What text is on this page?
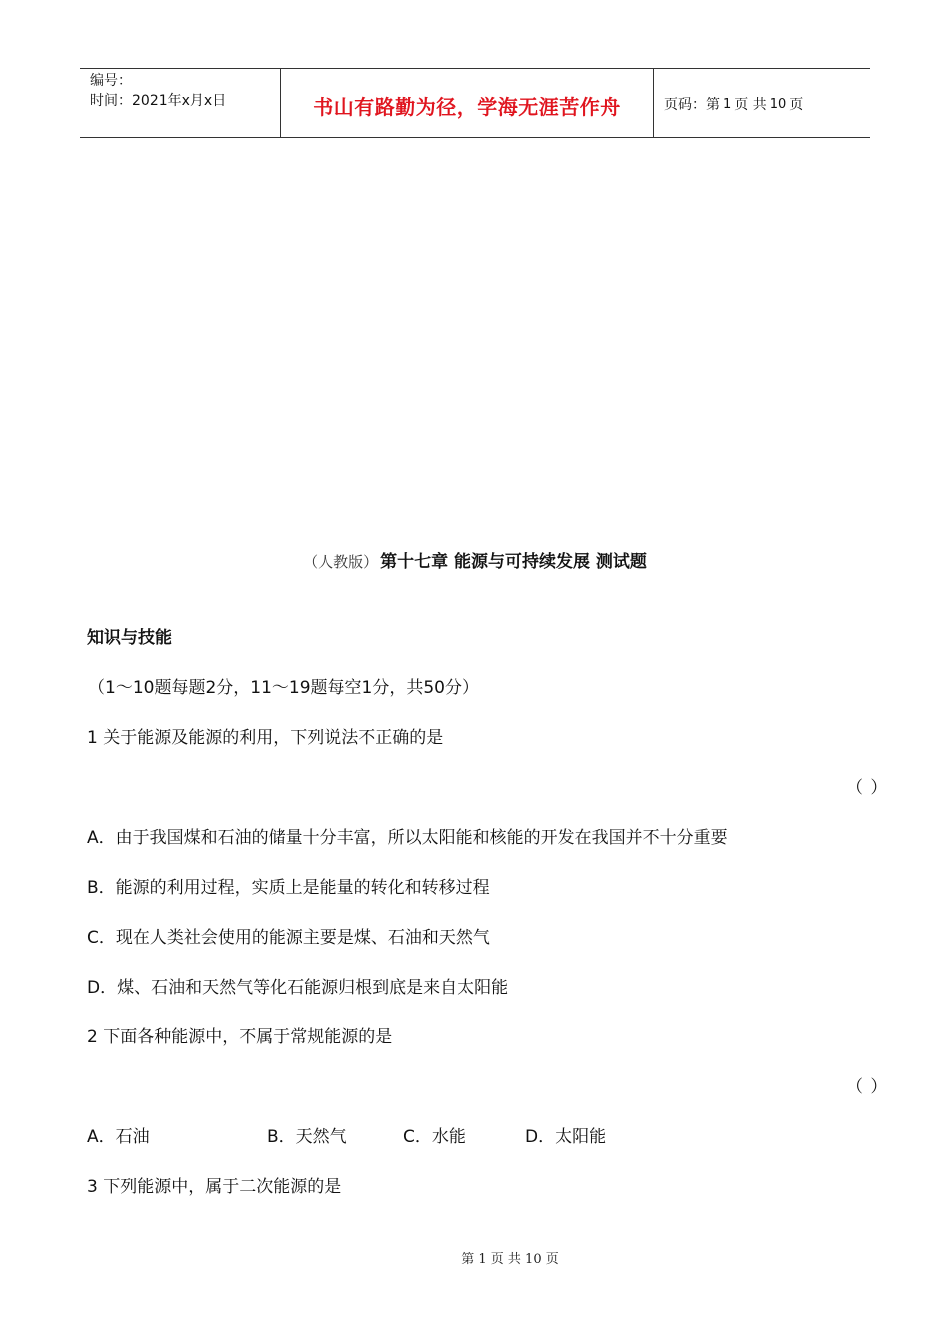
编号：
时间：2021年x月x日	书山有路勤为径，学海无涯苦作舟	页码：第 1 页 共 10 页
（人教版） 第十七章 能源与可持续发展 测试题
知识与技能
（1～10题每题2分，11～19题每空1分，共50分）
1 关于能源及能源的利用，下列说法不正确的是
（ ）
A．由于我国煤和石油的储量十分丰富，所以太阳能和核能的开发在我国并不十分重要
B．能源的利用过程，实质上是能量的转化和转移过程
C．现在人类社会使用的能源主要是煤、石油和天然气
D．煤、石油和天然气等化石能源归根到底是来自太阳能
2 下面各种能源中，不属于常规能源的是
（ ）
A．石油	B．天然气	C．水能	D．太阳能
3 下列能源中，属于二次能源的是
第 1 页 共 10 页
